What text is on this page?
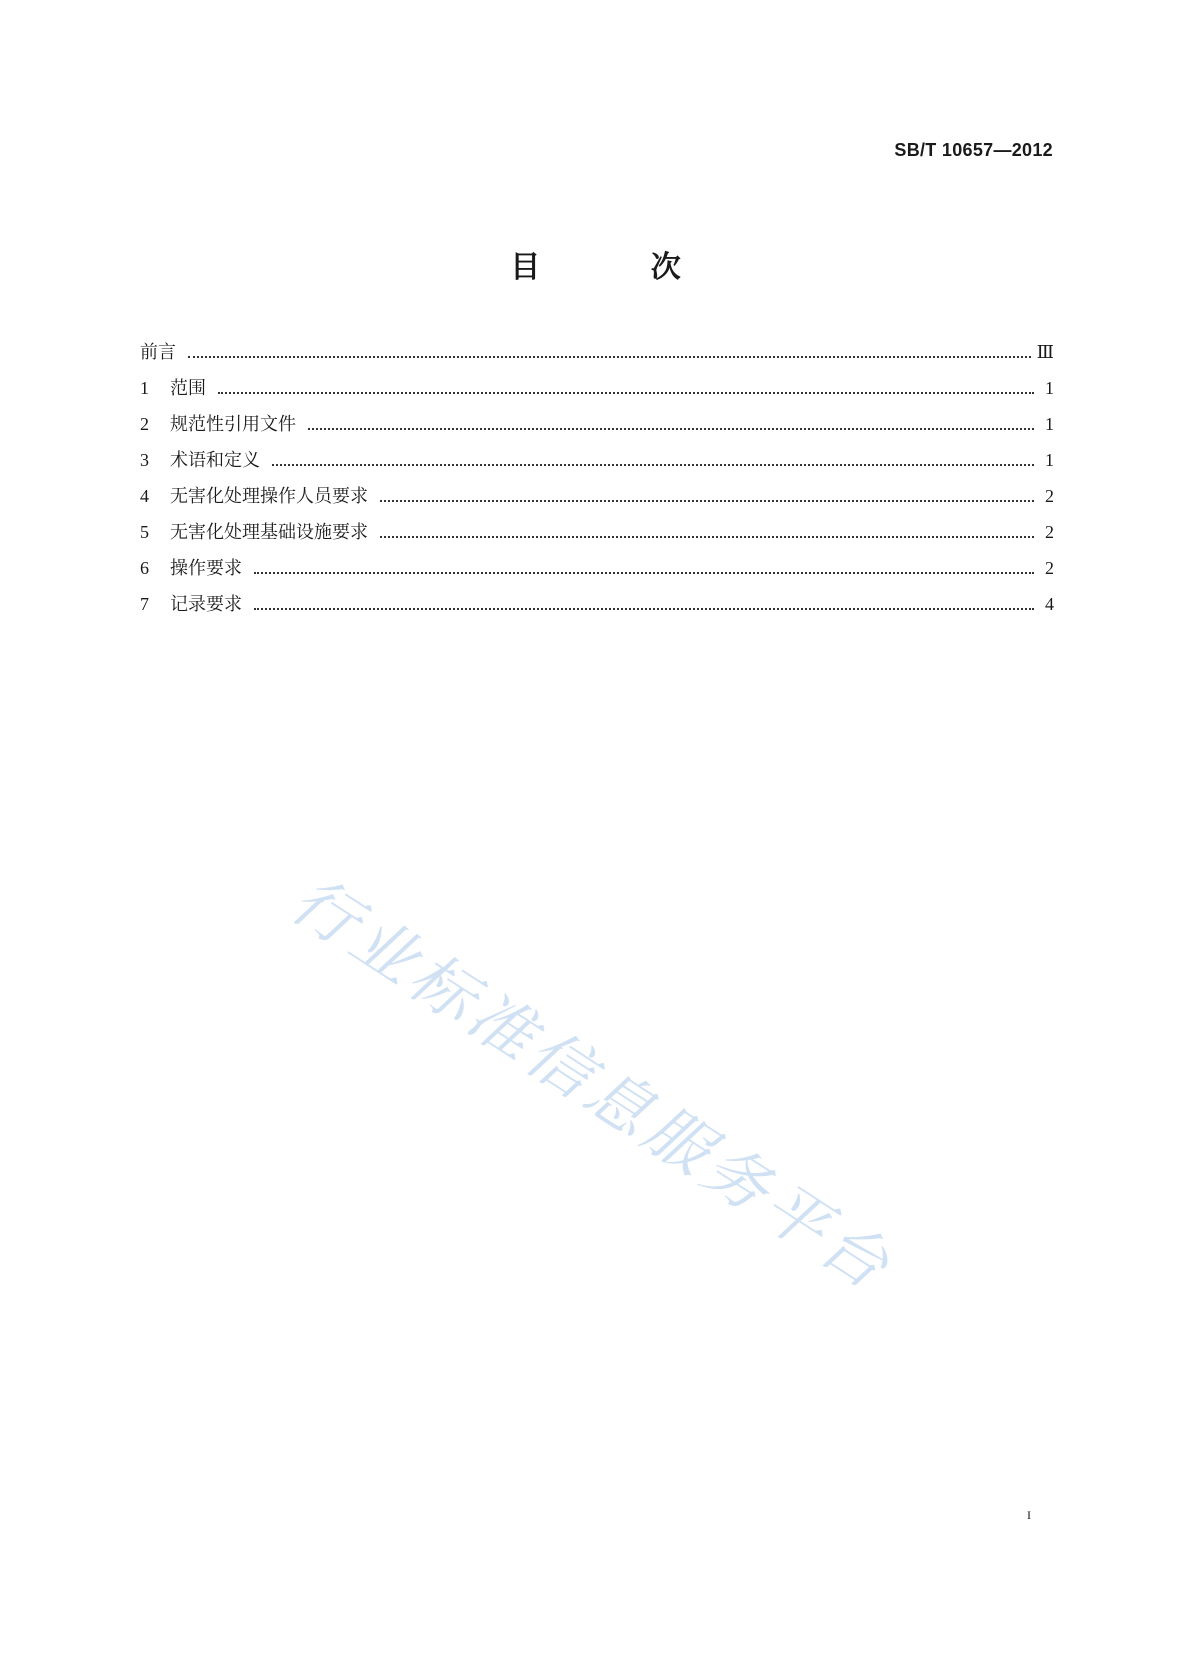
SB/T 10657—2012
目 次
前言	Ⅲ
1	范围	1
2	规范性引用文件	1
3	术语和定义	1
4	无害化处理操作人员要求	2
5	无害化处理基础设施要求	2
6	操作要求	2
7	记录要求	4
行业标准信息服务平台
I
